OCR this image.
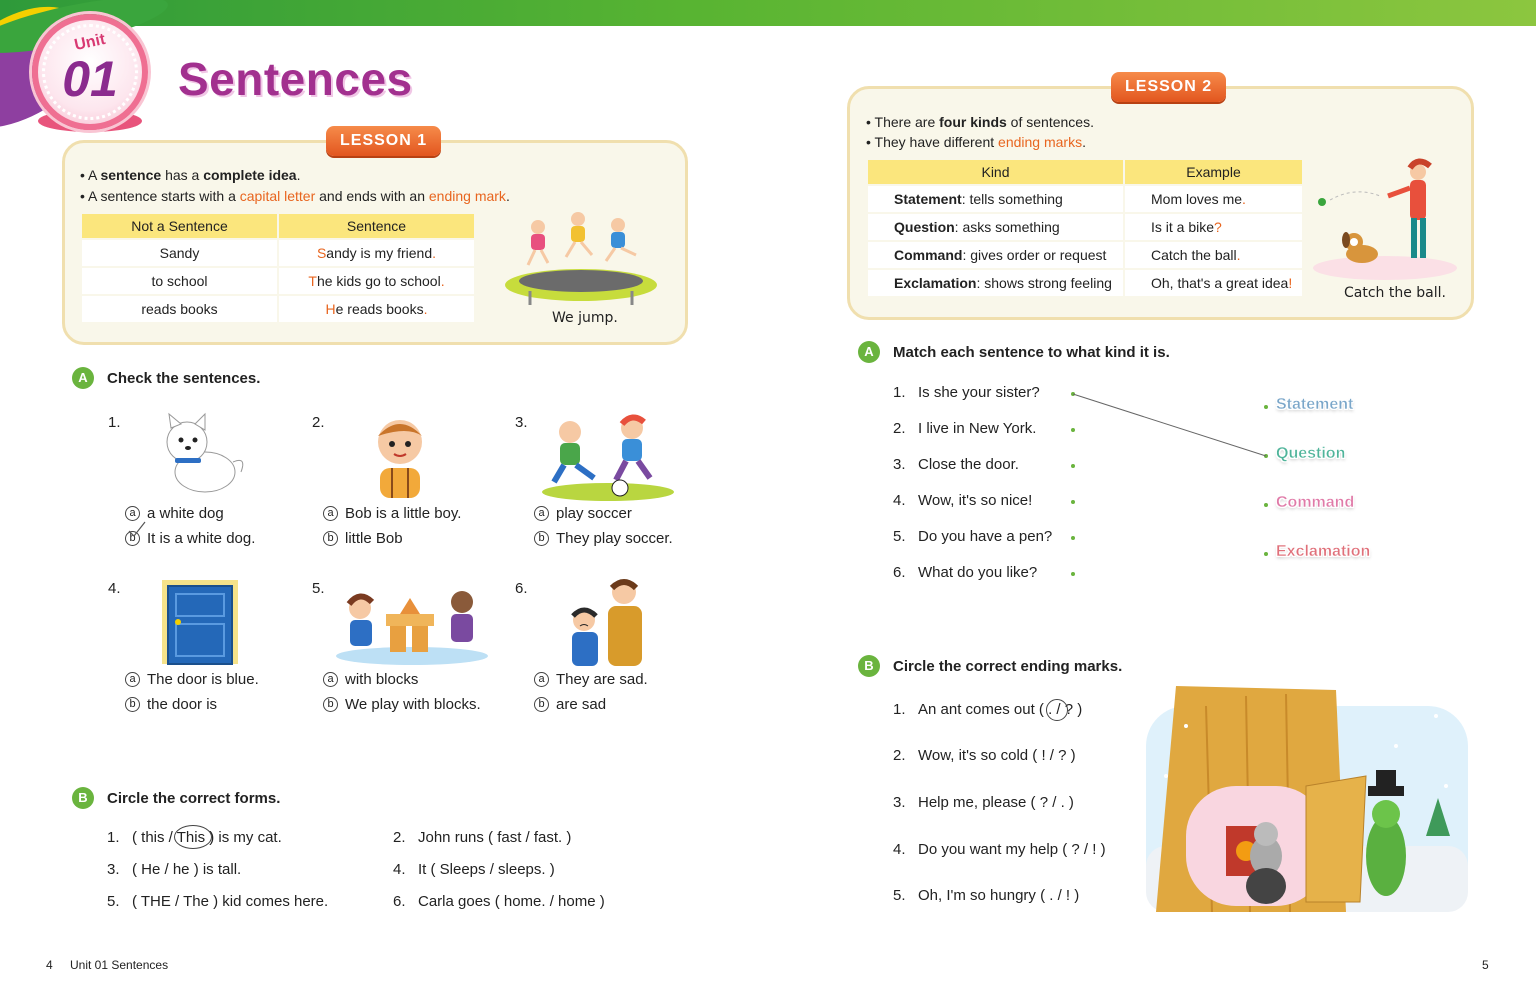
Unit
01	Sentences
LESSON 1
• A sentence has a complete idea.
• A sentence starts with a capital letter and ends with an ending mark.
Not a Sentence	Sentence
Sandy	Sandy is my friend.
to school	The kids go to school.
reads books	He reads books.
We jump.
LESSON 2
• There are four kinds of sentences.
• They have different ending marks.
Kind	Example
Statement: tells something	Mom loves me.
Question: asks something	Is it a bike?
Command: gives order or request	Catch the ball.
Exclamation: shows strong feeling	Oh, that's a great idea!
Catch the ball.
A	Check the sentences.
1.	2.	3.
4.	5.	6.
a a white dog
b It is a white dog.
a Bob is a little boy.
b little Bob
a play soccer
b They play soccer.
a The door is blue.
b the door is
a with blocks
b We play with blocks.
a They are sad.
b are sad
B	Circle the correct forms.
1. ( this / This ) is my cat.	2. John runs ( fast / fast. )
3. ( He / he ) is tall.	4. It ( Sleeps / sleeps. )
5. ( THE / The ) kid comes here.	6. Carla goes ( home. / home )
A	Match each sentence to what kind it is.
1. Is she your sister?
2. I live in New York.
3. Close the door.
4. Wow, it's so nice!
5. Do you have a pen?
6. What do you like?
Statement
Question
Command
Exclamation
B	Circle the correct ending marks.
1. An ant comes out ( . / ? )
2. Wow, it's so cold ( ! / ? )
3. Help me, please ( ? / . )
4. Do you want my help ( ? / ! )
5. Oh, I'm so hungry ( . / ! )
4 Unit 01 Sentences	5
